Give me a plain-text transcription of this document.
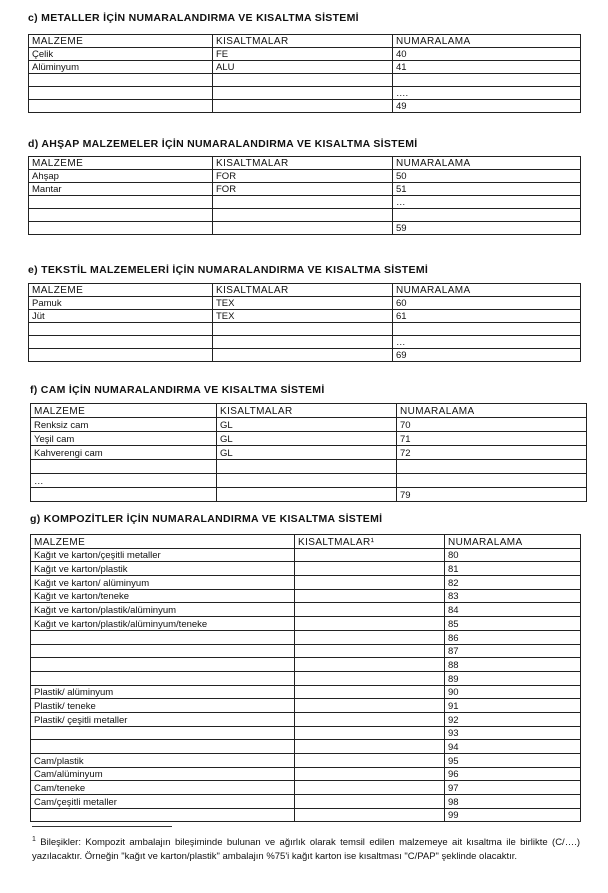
c) METALLER İÇİN NUMARALANDIRMA VE KISALTMA SİSTEMİ
MALZEME	KISALTMALAR	NUMARALAMA
Çelik	FE	40
Alüminyum	ALU	41

		….
		49
d) AHŞAP MALZEMELER İÇİN NUMARALANDIRMA VE KISALTMA SİSTEMİ
MALZEME	KISALTMALAR	NUMARALAMA
Ahşap	FOR	50
Mantar	FOR	51
		…

		59
e) TEKSTİL MALZEMELERİ İÇİN NUMARALANDIRMA VE KISALTMA SİSTEMİ
MALZEME	KISALTMALAR	NUMARALAMA
Pamuk	TEX	60
Jüt	TEX	61

		…
		69
f) CAM İÇİN NUMARALANDIRMA VE KISALTMA SİSTEMİ
MALZEME	KISALTMALAR	NUMARALAMA
Renksiz cam	GL	70
Yeşil cam	GL	71
Kahverengi cam	GL	72

…		
		79
g) KOMPOZİTLER İÇİN NUMARALANDIRMA VE KISALTMA SİSTEMİ
MALZEME	KISALTMALAR¹	NUMARALAMA
Kağıt ve karton/çeşitli metaller		80
Kağıt ve karton/plastik		81
Kağıt ve karton/ alüminyum		82
Kağıt ve karton/teneke		83
Kağıt ve karton/plastik/alüminyum		84
Kağıt ve karton/plastik/alüminyum/teneke		85
		86
		87
		88
		89
Plastik/ alüminyum		90
Plastik/ teneke		91
Plastik/ çeşitli metaller		92
		93
		94
Cam/plastik		95
Cam/alüminyum		96
Cam/teneke		97
Cam/çeşitli metaller		98
		99
$^1$ Bileşikler: Kompozit ambalajın bileşiminde bulunan ve ağırlık olarak temsil edilen malzemeye ait kısaltma ile birlikte (C/….) yazılacaktır. Örneğin "kağıt ve karton/plastik" ambalajın %75'i kağıt karton ise kısaltması "C/PAP" şeklinde olacaktır.
